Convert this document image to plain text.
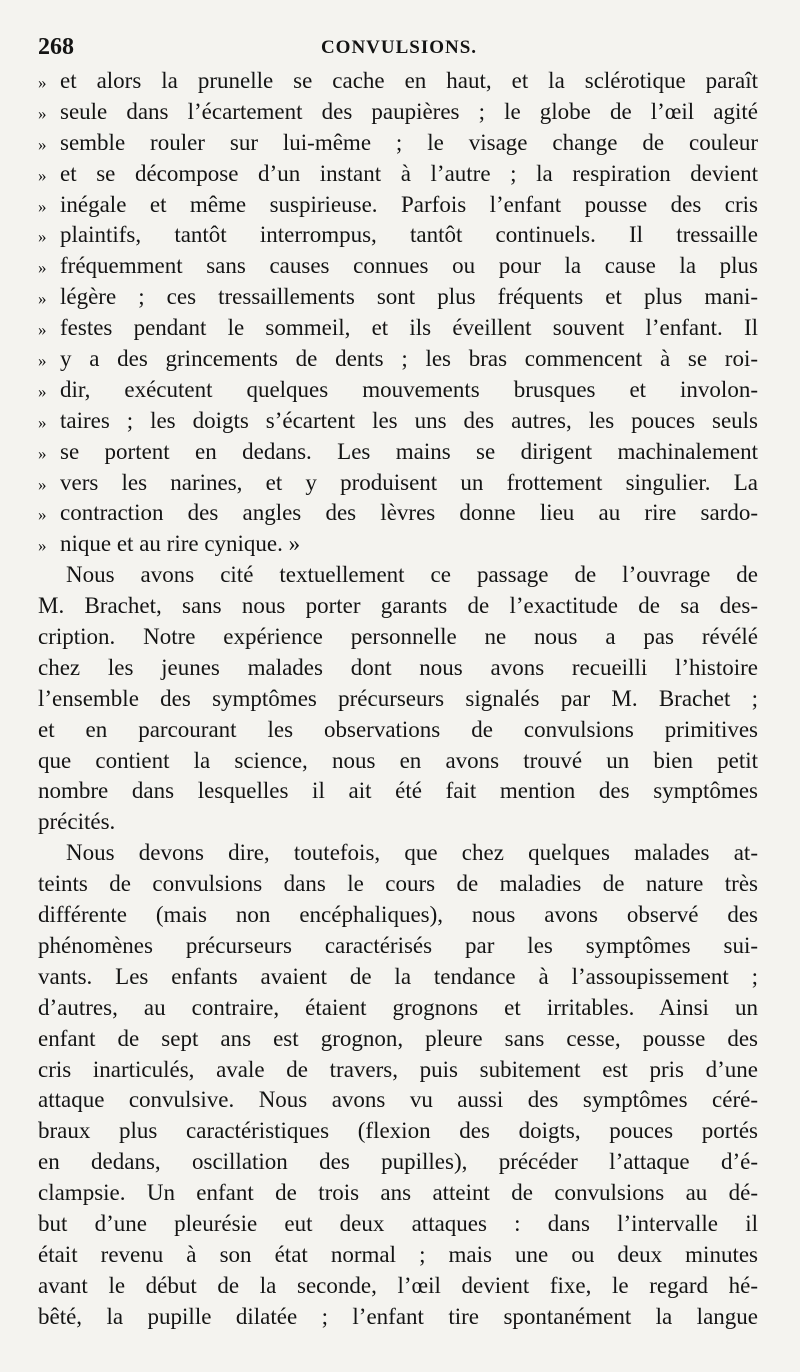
268	CONVULSIONS.
» et alors la prunelle se cache en haut, et la sclérotique paraît
» seule dans l’écartement des paupières ; le globe de l’œil agité
» semble rouler sur lui-même ; le visage change de couleur
» et se décompose d’un instant à l’autre ; la respiration devient
» inégale et même suspirieuse. Parfois l’enfant pousse des cris
» plaintifs, tantôt interrompus, tantôt continuels. Il tressaille
» fréquemment sans causes connues ou pour la cause la plus
» légère ; ces tressaillements sont plus fréquents et plus mani-
» festes pendant le sommeil, et ils éveillent souvent l’enfant. Il
» y a des grincements de dents ; les bras commencent à se roi-
» dir, exécutent quelques mouvements brusques et involon-
» taires ; les doigts s’écartent les uns des autres, les pouces seuls
» se portent en dedans. Les mains se dirigent machinalement
» vers les narines, et y produisent un frottement singulier. La
» contraction des angles des lèvres donne lieu au rire sardo-
» nique et au rire cynique. »
Nous avons cité textuellement ce passage de l’ouvrage de
M. Brachet, sans nous porter garants de l’exactitude de sa des-
cription. Notre expérience personnelle ne nous a pas révélé
chez les jeunes malades dont nous avons recueilli l’histoire
l’ensemble des symptômes précurseurs signalés par M. Brachet ;
et en parcourant les observations de convulsions primitives
que contient la science, nous en avons trouvé un bien petit
nombre dans lesquelles il ait été fait mention des symptômes
précités.
Nous devons dire, toutefois, que chez quelques malades at-
teints de convulsions dans le cours de maladies de nature très
différente (mais non encéphaliques), nous avons observé des
phénomènes précurseurs caractérisés par les symptômes sui-
vants. Les enfants avaient de la tendance à l’assoupissement ;
d’autres, au contraire, étaient grognons et irritables. Ainsi un
enfant de sept ans est grognon, pleure sans cesse, pousse des
cris inarticulés, avale de travers, puis subitement est pris d’une
attaque convulsive. Nous avons vu aussi des symptômes céré-
braux plus caractéristiques (flexion des doigts, pouces portés
en dedans, oscillation des pupilles), précéder l’attaque d’é-
clampsie. Un enfant de trois ans atteint de convulsions au dé-
but d’une pleurésie eut deux attaques : dans l’intervalle il
était revenu à son état normal ; mais une ou deux minutes
avant le début de la seconde, l’œil devient fixe, le regard hé-
bêté, la pupille dilatée ; l’enfant tire spontanément la langue
